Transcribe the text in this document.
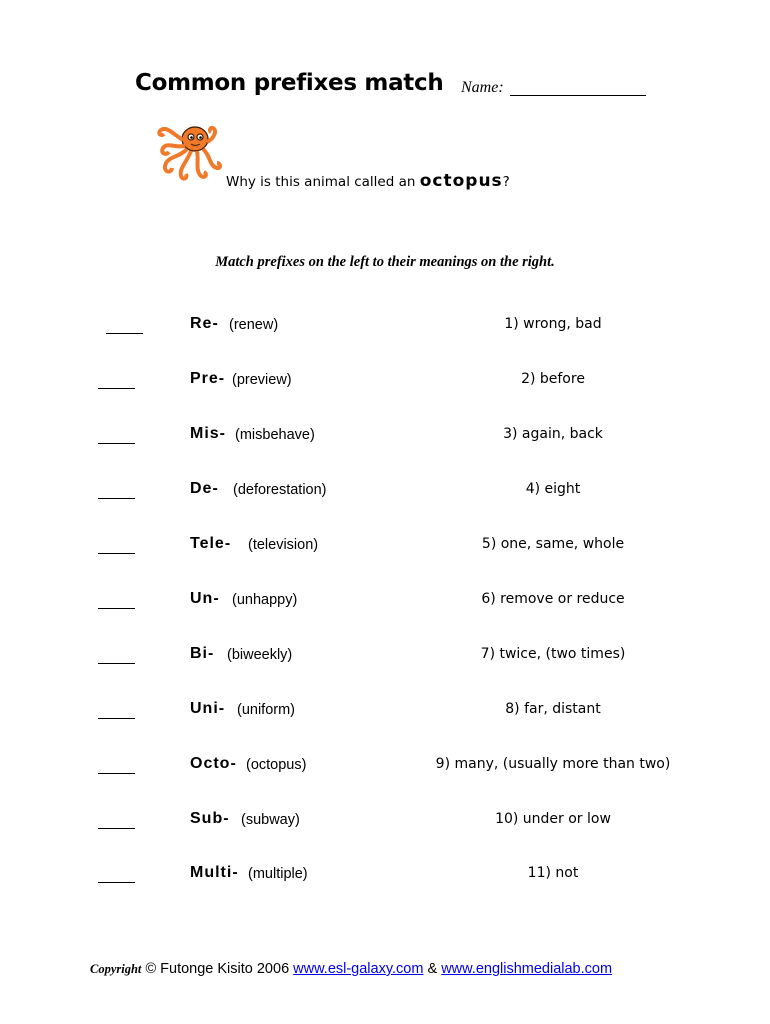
Common prefixes match Name:
Why is this animal called an octopus?
Match prefixes on the left to their meanings on the right.
Re- (renew)	1) wrong, bad
Pre- (preview)	2) before
Mis- (misbehave)	3) again, back
De- (deforestation)	4) eight
Tele- (television)	5) one, same, whole
Un- (unhappy)	6) remove or reduce
Bi- (biweekly)	7) twice, (two times)
Uni- (uniform)	8) far, distant
Octo- (octopus)	9) many, (usually more than two)
Sub- (subway)	10) under or low
Multi- (multiple)	11) not
Copyright © Futonge Kisito 2006 www.esl-galaxy.com & www.englishmedialab.com
